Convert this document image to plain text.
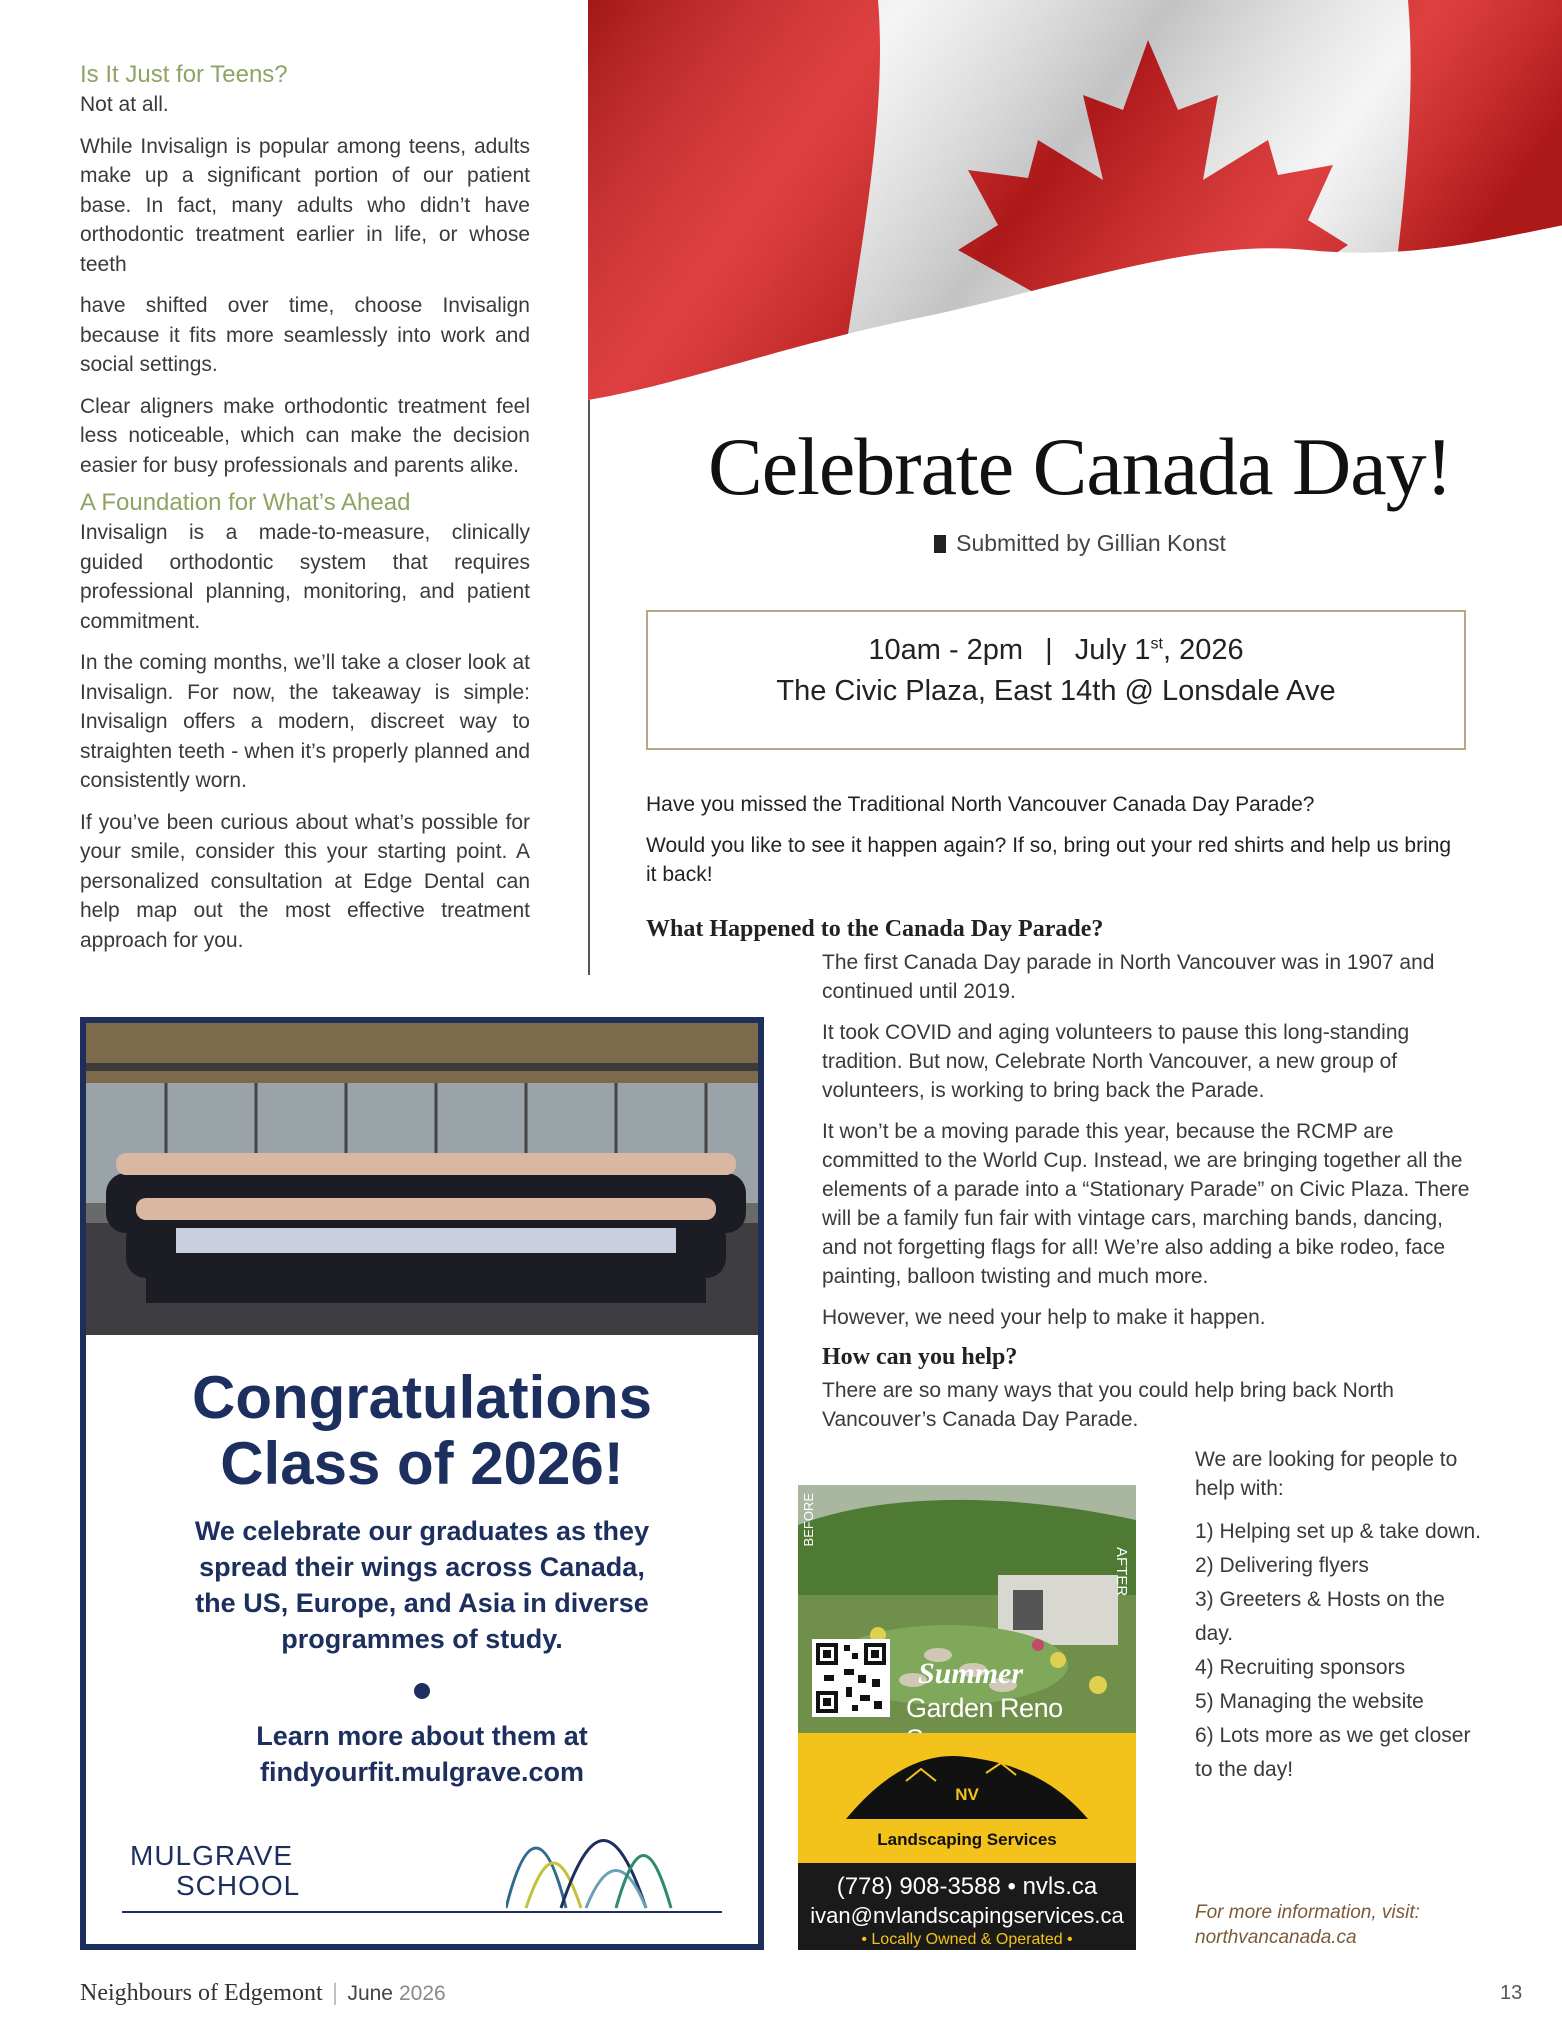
Is It Just for Teens?

Not at all.

While Invisalign is popular among teens, adults make up a significant portion of our patient base. In fact, many adults who didn’t have orthodontic treatment earlier in life, or whose teeth

have shifted over time, choose Invisalign because it fits more seamlessly into work and social settings.

Clear aligners make orthodontic treatment feel less noticeable, which can make the decision easier for busy professionals and parents alike.

A Foundation for What’s Ahead

Invisalign is a made-to-measure, clinically guided orthodontic system that requires professional planning, monitoring, and patient commitment.

In the coming months, we’ll take a closer look at Invisalign. For now, the takeaway is simple: Invisalign offers a modern, discreet way to straighten teeth - when it’s properly planned and consistently worn.

If you’ve been curious about what’s possible for your smile, consider this your starting point. A personalized consultation at Edge Dental can help map out the most effective treatment approach for you.

Celebrate Canada Day!
Submitted by Gillian Konst
10am - 2pm | July 1st, 2026
The Civic Plaza, East 14th @ Lonsdale Ave

Have you missed the Traditional North Vancouver Canada Day Parade?

Would you like to see it happen again? If so, bring out your red shirts and help us bring it back!

What Happened to the Canada Day Parade?

The first Canada Day parade in North Vancouver was in 1907 and continued until 2019.

It took COVID and aging volunteers to pause this long-standing tradition. But now, Celebrate North Vancouver, a new group of volunteers, is working to bring back the Parade.

It won’t be a moving parade this year, because the RCMP are committed to the World Cup. Instead, we are bringing together all the elements of a parade into a “Stationary Parade” on Civic Plaza. There will be a family fun fair with vintage cars, marching bands, dancing, and not forgetting flags for all! We’re also adding a bike rodeo, face painting, balloon twisting and much more.

However, we need your help to make it happen.

How can you help?
There are so many ways that you could help bring back North Vancouver’s Canada Day Parade.
Congratulations
Class of 2026!
We celebrate our graduates as they spread their wings across Canada, the US, Europe, and Asia in diverse programmes of study.
Learn more about them at
findyourfit.mulgrave.com
MULGRAVE
SCHOOL
BEFORE
AFTER
Summer
Garden Reno
NV
Landscaping Services
(778) 908-3588 • nvls.ca
ivan@nvlandscapingservices.ca
• Locally Owned & Operated •

We are looking for people to help with:

1) Helping set up & take down.

2) Delivering flyers

3) Greeters & Hosts on the day.

4) Recruiting sponsors

5) Managing the website

6) Lots more as we get closer to the day!

For more information, visit: northvancanada.ca
Neighbours of Edgemont | June 2026	13
